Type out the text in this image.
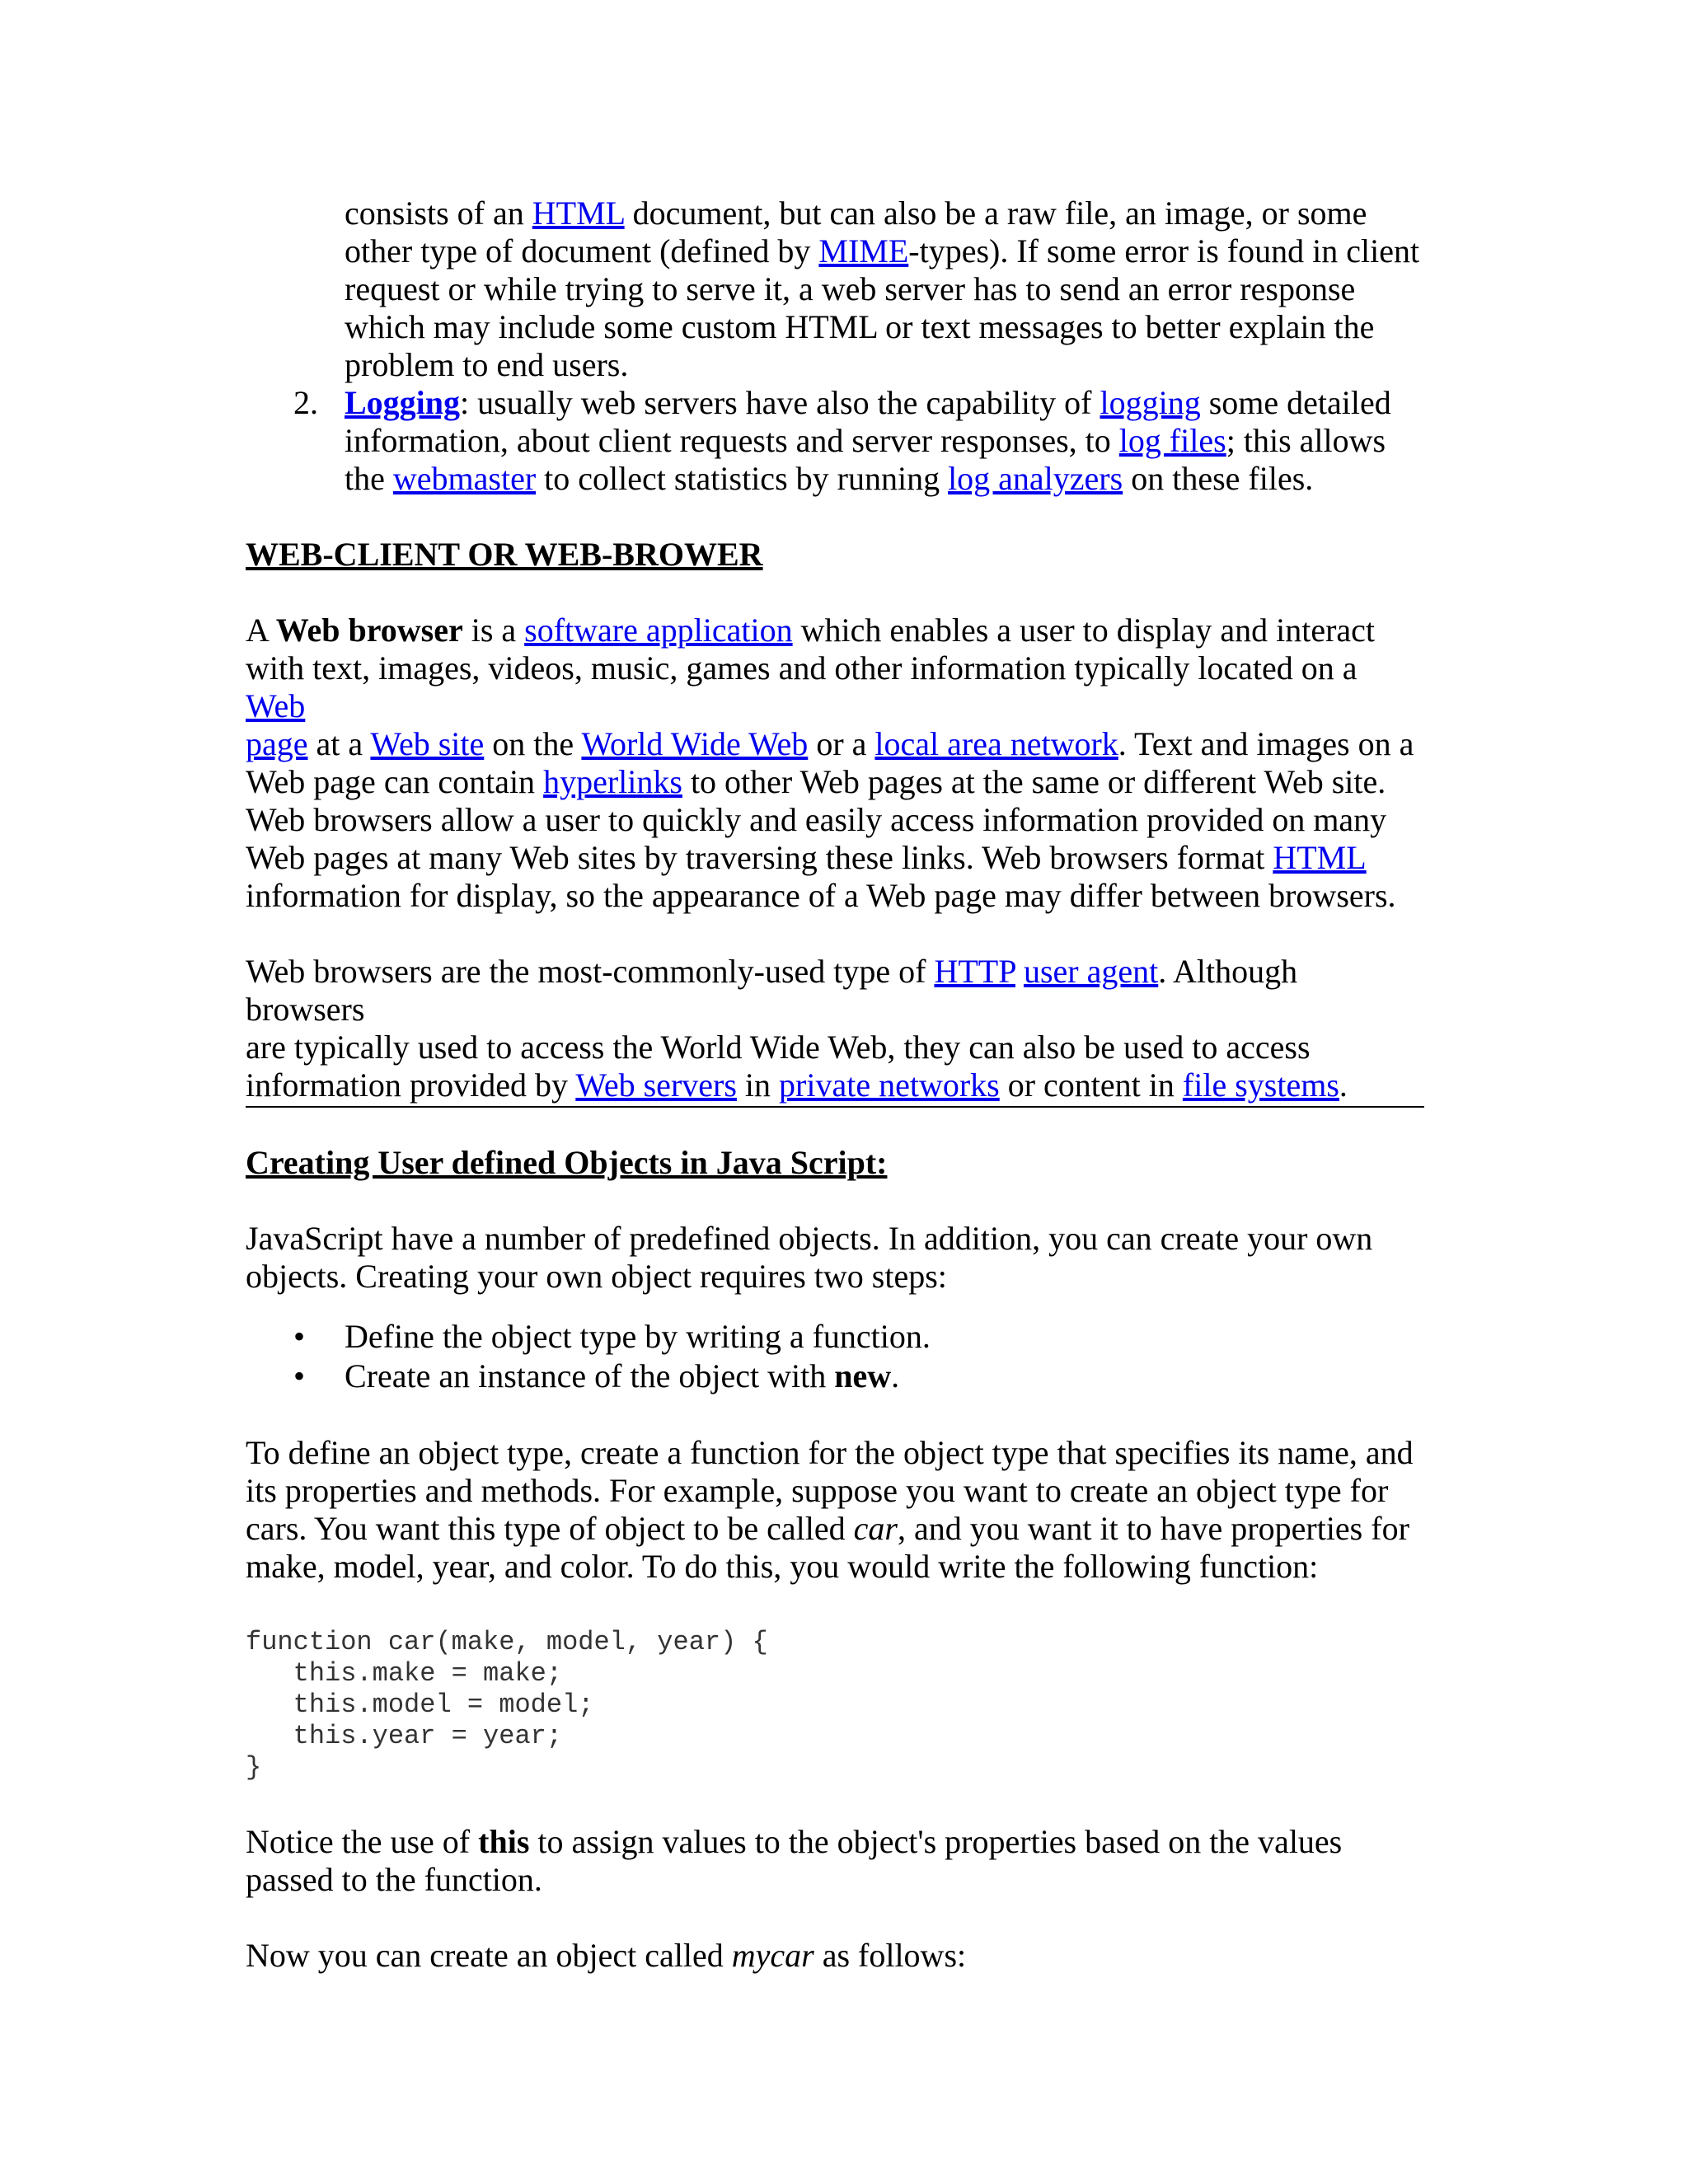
consists of an HTML document, but can also be a raw file, an image, or some

other type of document (defined by MIME-types). If some error is found in client

request or while trying to serve it, a web server has to send an error response

which may include some custom HTML or text messages to better explain the

problem to end users.

2. Logging: usually web servers have also the capability of logging some detailed

information, about client requests and server responses, to log files; this allows

the webmaster to collect statistics by running log analyzers on these files.

WEB-CLIENT OR WEB-BROWER

A Web browser is a software application which enables a user to display and interact

with text, images, videos, music, games and other information typically located on a Web

page at a Web site on the World Wide Web or a local area network. Text and images on a

Web page can contain hyperlinks to other Web pages at the same or different Web site.

Web browsers allow a user to quickly and easily access information provided on many

Web pages at many Web sites by traversing these links. Web browsers format HTML

information for display, so the appearance of a Web page may differ between browsers.

Web browsers are the most-commonly-used type of HTTP user agent. Although browsers

are typically used to access the World Wide Web, they can also be used to access

information provided by Web servers in private networks or content in file systems.

Creating User defined Objects in Java Script:

JavaScript have a number of predefined objects. In addition, you can create your own

objects. Creating your own object requires two steps:

• Define the object type by writing a function.
• Create an instance of the object with new.

To define an object type, create a function for the object type that specifies its name, and

its properties and methods. For example, suppose you want to create an object type for

cars. You want this type of object to be called car, and you want it to have properties for

make, model, year, and color. To do this, you would write the following function:

function car(make, model, year) {
this.make = make;
this.model = model;
this.year = year;
}

Notice the use of this to assign values to the object's properties based on the values

passed to the function.

Now you can create an object called mycar as follows:
